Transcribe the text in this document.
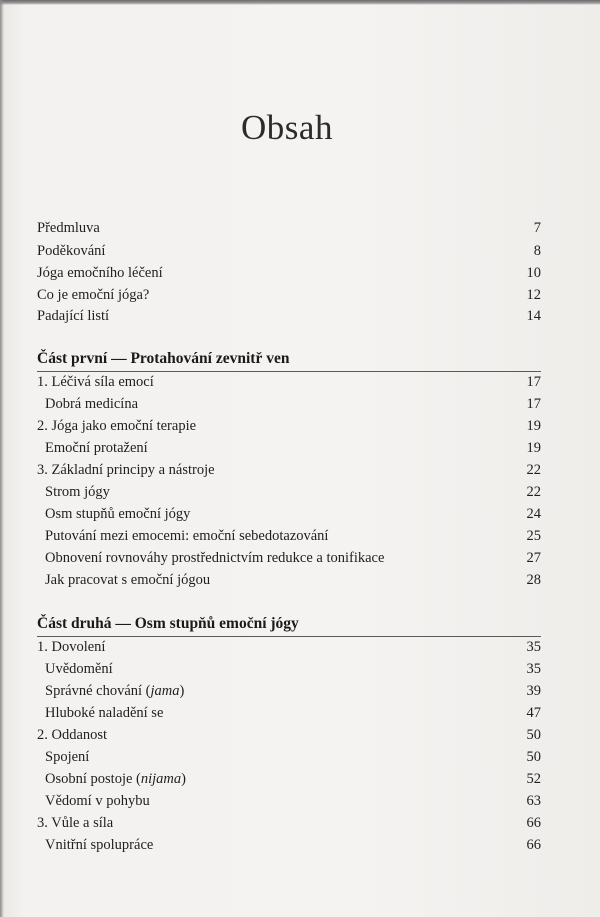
Obsah
Předmluva	7
Poděkování	8
Jóga emočního léčení	10
Co je emoční jóga?	12
Padající listí	14
Část první — Protahování zevnitř ven
1. Léčivá síla emocí	17
Dobrá medicína	17
2. Jóga jako emoční terapie	19
Emoční protažení	19
3. Základní principy a nástroje	22
Strom jógy	22
Osm stupňů emoční jógy	24
Putování mezi emocemi: emoční sebedotazování	25
Obnovení rovnováhy prostřednictvím redukce a tonifikace	27
Jak pracovat s emoční jógou	28
Část druhá — Osm stupňů emoční jógy
1. Dovolení	35
Uvědomění	35
Správné chování (jama)	39
Hluboké naladění se	47
2. Oddanost	50
Spojení	50
Osobní postoje (nijama)	52
Vědomí v pohybu	63
3. Vůle a síla	66
Vnitřní spolupráce	66
